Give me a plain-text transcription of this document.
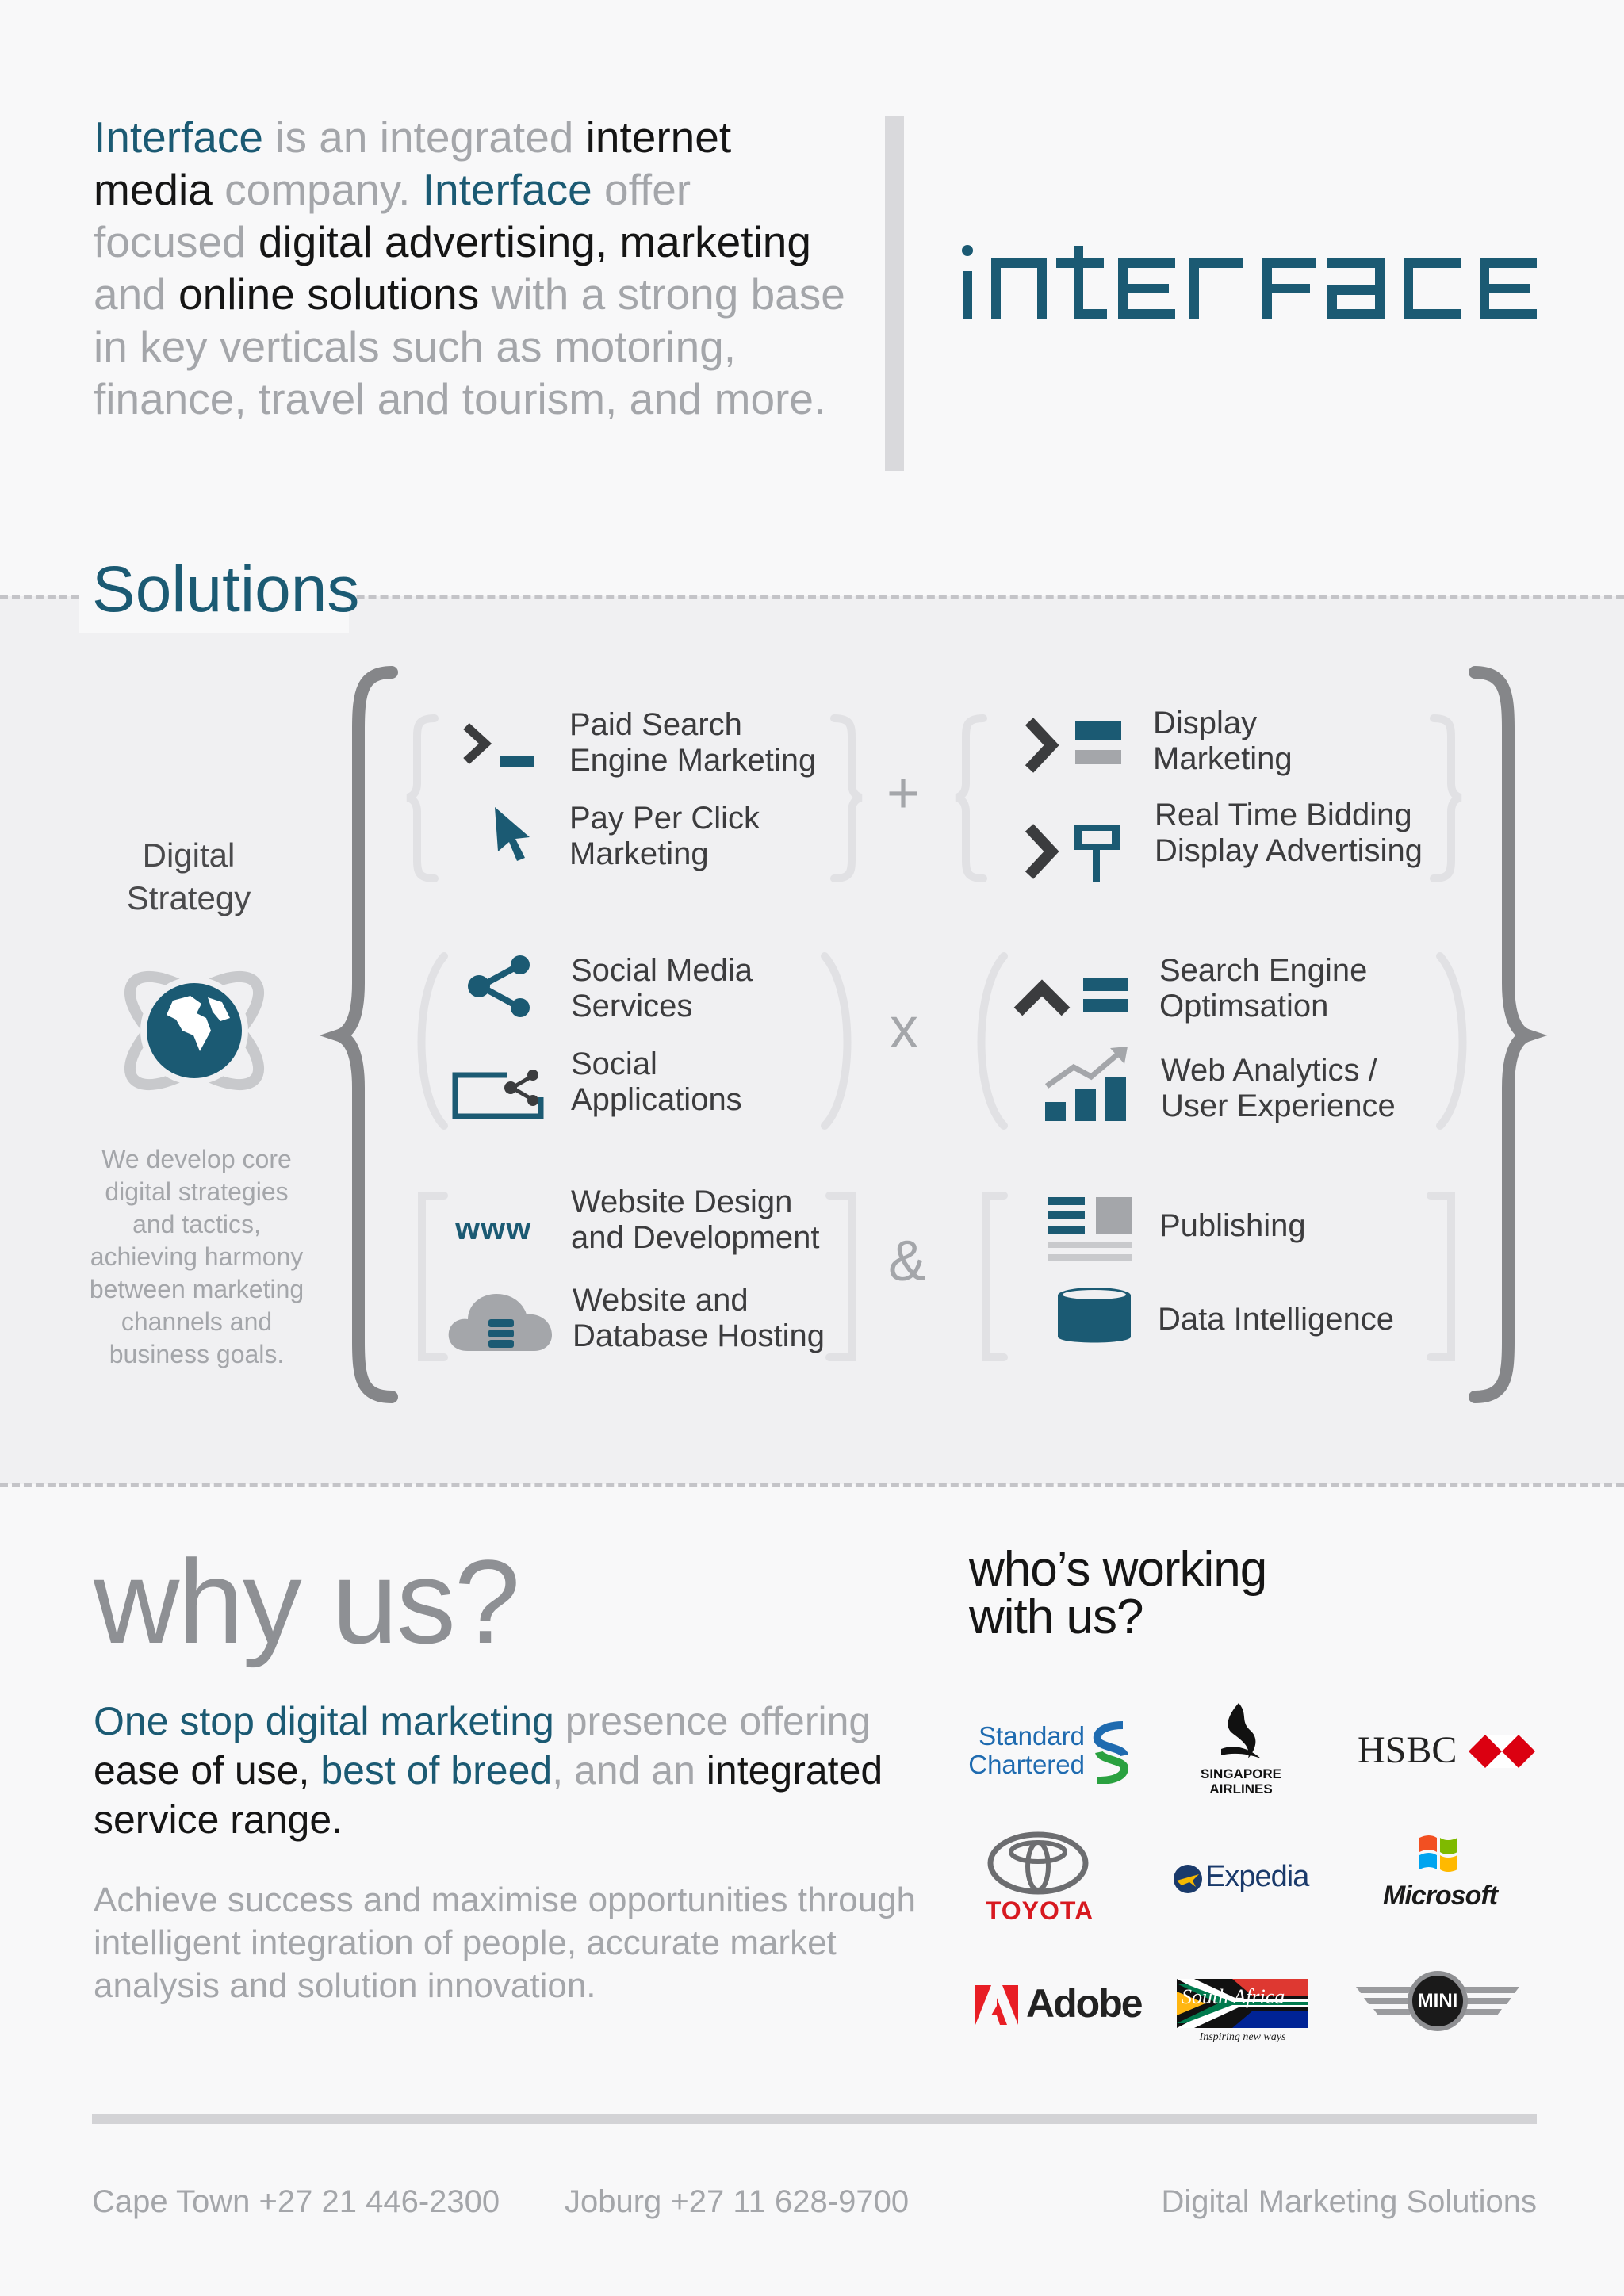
Interface is an integrated internet media company. Interface offer focused digital advertising, marketing and online solutions with a strong base in key verticals such as motoring, finance, travel and tourism, and more.
Solutions
Digital
Strategy
We develop core
digital strategies
and tactics,
achieving harmony
between marketing
channels and
business goals.
+
x
&
Paid Search
Engine Marketing
Pay Per Click
Marketing
Display
Marketing
Real Time Bidding
Display Advertising
Social Media
Services
Social
Applications
Search Engine
Optimsation
Web Analytics /
User Experience
www
Website Design
and Development
Website and
Database Hosting
Publishing
Data Intelligence
why us?
One stop digital marketing presence offering ease of use, best of breed, and an integrated service range.
Achieve success and maximise opportunities through intelligent integration of people, accurate market analysis and solution innovation.
who’s working
with us?
Standard
Chartered	SINGAPORE
AIRLINES
HSBC
TOYOTA
Expedia
Microsoft
Adobe South Africa
Inspiring new ways
MINI
Cape Town +27 21 446-2300 Joburg +27 11 628-9700	Digital Marketing Solutions
